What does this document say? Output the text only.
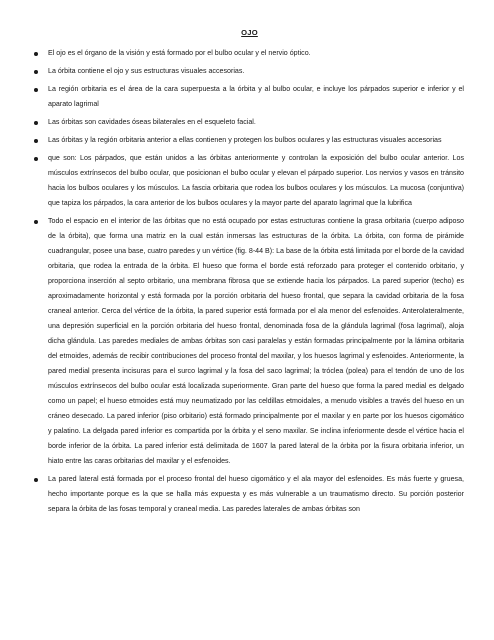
OJO
El ojo es el órgano de la visión y está formado por el bulbo ocular y el nervio óptico.
La órbita contiene el ojo y sus estructuras visuales accesorias.
La región orbitaria es el área de la cara superpuesta a la órbita y al bulbo ocular, e incluye los párpados superior e inferior y el aparato lagrimal
Las órbitas son cavidades óseas bilaterales en el esqueleto facial.
Las órbitas y la región orbitaria anterior a ellas contienen y protegen los bulbos oculares y las estructuras visuales accesorias
que son: Los párpados, que están unidos a las órbitas anteriormente y controlan la exposición del bulbo ocular anterior. Los músculos extrínsecos del bulbo ocular, que posicionan el bulbo ocular y elevan el párpado superior. Los nervios y vasos en tránsito hacia los bulbos oculares y los músculos. La fascia orbitaria que rodea los bulbos oculares y los músculos. La mucosa (conjuntiva) que tapiza los párpados, la cara anterior de los bulbos oculares y la mayor parte del aparato lagrimal que la lubrifica
Todo el espacio en el interior de las órbitas que no está ocupado por estas estructuras contiene la grasa orbitaria (cuerpo adiposo de la órbita), que forma una matriz en la cual están inmersas las estructuras de la órbita. La órbita, con forma de pirámide cuadrangular, posee una base, cuatro paredes y un vértice (fig. 8-44 B): La base de la órbita está limitada por el borde de la cavidad orbitaria, que rodea la entrada de la órbita. El hueso que forma el borde está reforzado para proteger el contenido orbitario, y proporciona inserción al septo orbitario, una membrana fibrosa que se extiende hacia los párpados. La pared superior (techo) es aproximadamente horizontal y está formada por la porción orbitaria del hueso frontal, que separa la cavidad orbitaria de la fosa craneal anterior. Cerca del vértice de la órbita, la pared superior está formada por el ala menor del esfenoides. Anterolateralmente, una depresión superficial en la porción orbitaria del hueso frontal, denominada fosa de la glándula lagrimal (fosa lagrimal), aloja dicha glándula. Las paredes mediales de ambas órbitas son casi paralelas y están formadas principalmente por la lámina orbitaria del etmoides, además de recibir contribuciones del proceso frontal del maxilar, y los huesos lagrimal y esfenoides. Anteriormente, la pared medial presenta incisuras para el surco lagrimal y la fosa del saco lagrimal; la tróclea (polea) para el tendón de uno de los músculos extrínsecos del bulbo ocular está localizada superiormente. Gran parte del hueso que forma la pared medial es delgado como un papel; el hueso etmoides está muy neumatizado por las celdillas etmoidales, a menudo visibles a través del hueso en un cráneo desecado. La pared inferior (piso orbitario) está formado principalmente por el maxilar y en parte por los huesos cigomático y palatino. La delgada pared inferior es compartida por la órbita y el seno maxilar. Se inclina inferiormente desde el vértice hacia el borde inferior de la órbita. La pared inferior está delimitada de 1607 la pared lateral de la órbita por la fisura orbitaria inferior, un hiato entre las caras orbitarias del maxilar y el esfenoides.
La pared lateral está formada por el proceso frontal del hueso cigomático y el ala mayor del esfenoides. Es más fuerte y gruesa, hecho importante porque es la que se halla más expuesta y es más vulnerable a un traumatismo directo. Su porción posterior separa la órbita de las fosas temporal y craneal media. Las paredes laterales de ambas órbitas son
